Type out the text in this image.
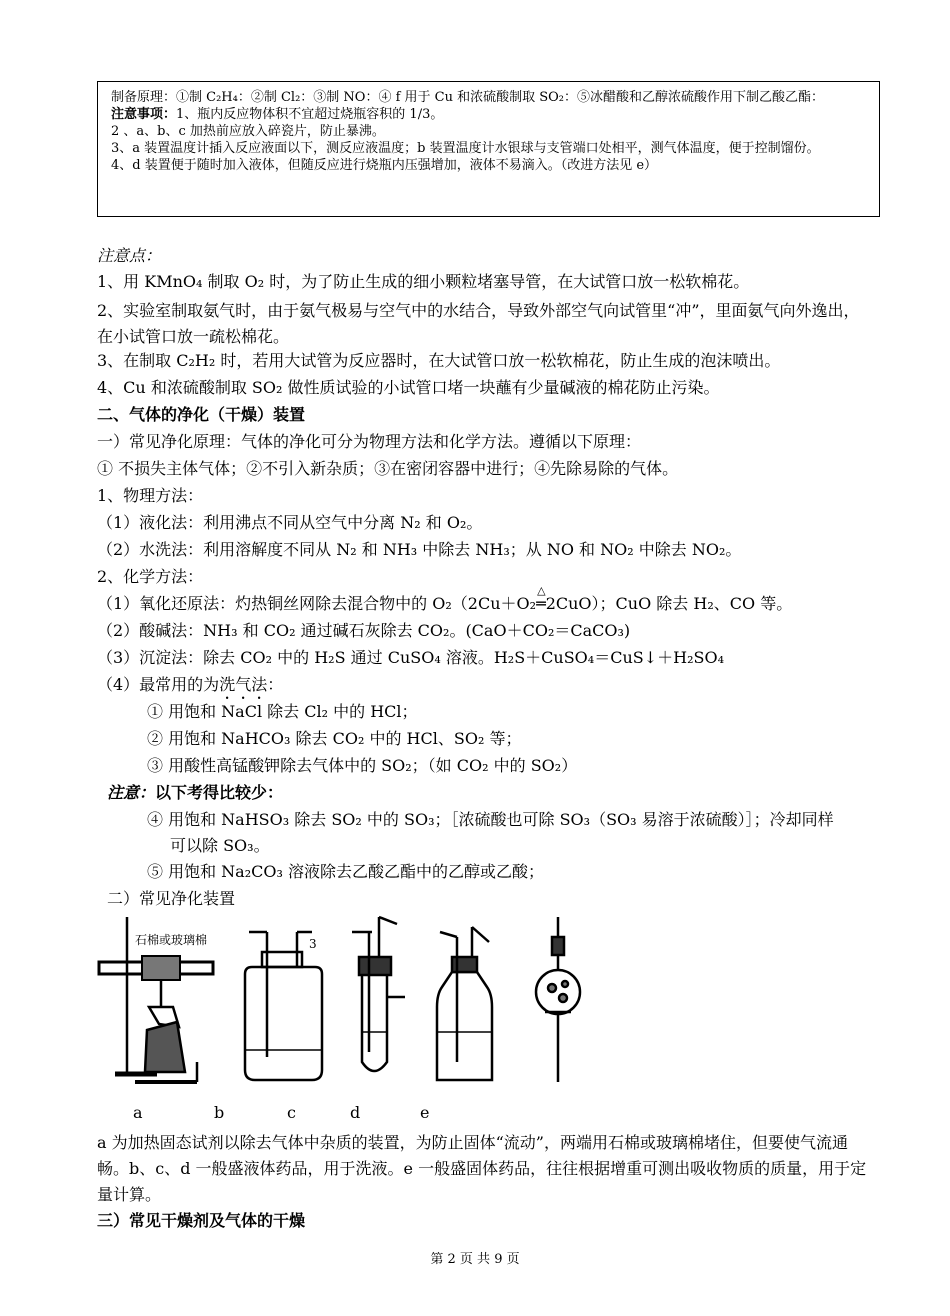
制备原理：①制 C₂H₄：②制 Cl₂：③制 NO：④ f 用于 Cu 和浓硫酸制取 SO₂：⑤冰醋酸和乙醇浓硫酸作用下制乙酸乙酯：

注意事项：1、瓶内反应物体积不宜超过烧瓶容积的 1/3。

2 、a、b、c 加热前应放入碎瓷片，防止暴沸。

3、a 装置温度计插入反应液面以下，测反应液温度；b 装置温度计水银球与支管端口处相平，测气体温度，便于控制馏份。

4、d 装置便于随时加入液体，但随反应进行烧瓶内压强增加，液体不易滴入。（改进方法见 e）

注意点：
1、用 KMnO₄ 制取 O₂ 时，为了防止生成的细小颗粒堵塞导管，在大试管口放一松软棉花。
2、实验室制取氨气时，由于氨气极易与空气中的水结合，导致外部空气向试管里“冲”，里面氨气向外逸出，在小试管口放一疏松棉花。
3、在制取 C₂H₂ 时，若用大试管为反应器时，在大试管口放一松软棉花，防止生成的泡沫喷出。
4、Cu 和浓硫酸制取 SO₂ 做性质试验的小试管口堵一块蘸有少量碱液的棉花防止污染。
二、气体的净化（干燥）装置
一）常见净化原理：气体的净化可分为物理方法和化学方法。遵循以下原理：
① 不损失主体气体；②不引入新杂质；③在密闭容器中进行；④先除易除的气体。
1、物理方法：
（1）液化法：利用沸点不同从空气中分离 N₂ 和 O₂。
（2）水洗法：利用溶解度不同从 N₂ 和 NH₃ 中除去 NH₃；从 NO 和 NO₂ 中除去 NO₂。
2、化学方法：
（1）氧化还原法：灼热铜丝网除去混合物中的 O₂（2Cu＋O₂
△
═2CuO）；CuO 除去 H₂、CO 等。
（2）酸碱法：NH₃ 和 CO₂ 通过碱石灰除去 CO₂。(CaO＋CO₂＝CaCO₃)
（3）沉淀法：除去 CO₂ 中的 H₂S 通过 CuSO₄ 溶液。H₂S＋CuSO₄＝CuS↓＋H₂SO₄
（4）最常用的为洗气法：
① 用饱和 NaCl 除去 Cl₂ 中的 HCl；
② 用饱和 NaHCO₃ 除去 CO₂ 中的 HCl、SO₂ 等；
③ 用酸性高锰酸钾除去气体中的 SO₂；（如 CO₂ 中的 SO₂）
注意：以下考得比较少：
④ 用饱和 NaHSO₃ 除去 SO₂ 中的 SO₃；［浓硫酸也可除 SO₃（SO₃ 易溶于浓硫酸）］；冷却同样
可以除 SO₃。
⑤ 用饱和 Na₂CO₃ 溶液除去乙酸乙酯中的乙醇或乙酸；
二）常见净化装置
石棉或玻璃棉	3
a	b	c	d	e
a 为加热固态试剂以除去气体中杂质的装置，为防止固体“流动”，两端用石棉或玻璃棉堵住，但要使气流通畅。b、c、d 一般盛液体药品，用于洗液。e 一般盛固体药品，往往根据增重可测出吸收物质的质量，用于定量计算。
三）常见干燥剂及气体的干燥
第 2 页 共 9 页
